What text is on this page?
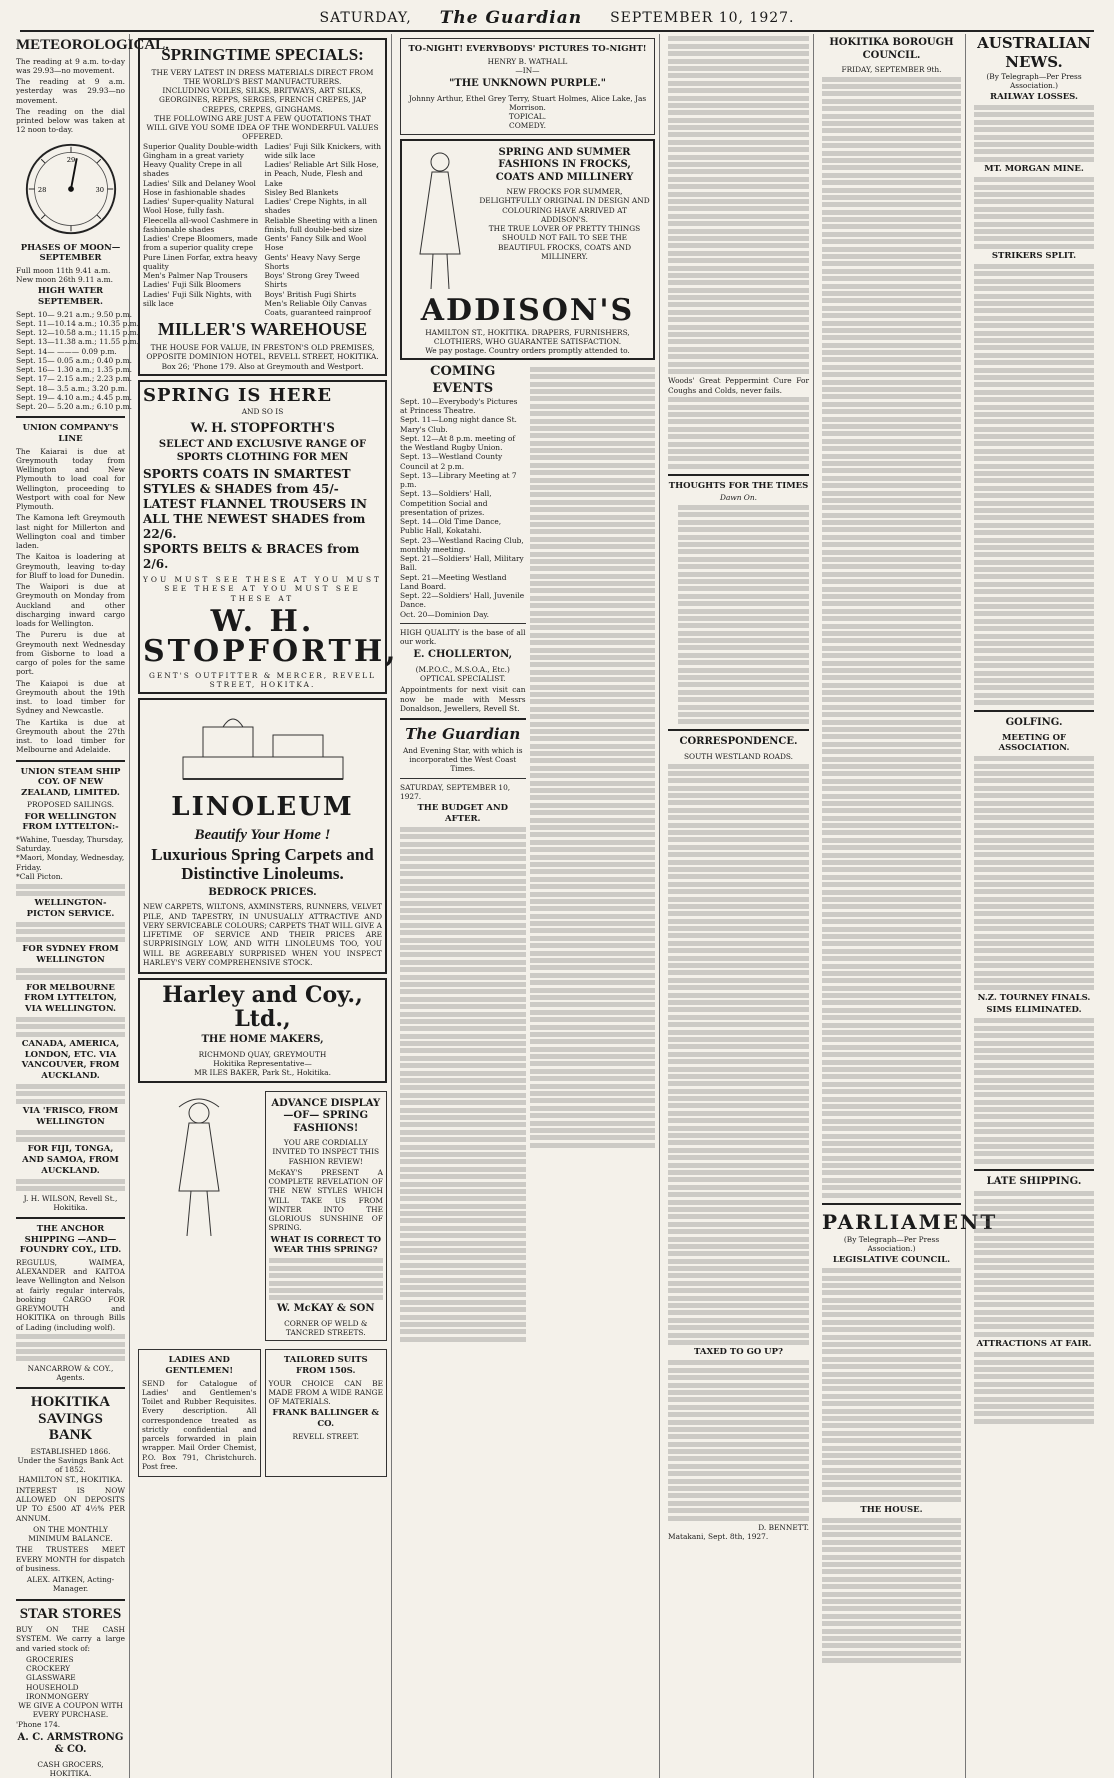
SATURDAY, The Guardian SEPTEMBER 10, 1927.
METEOROLOGICAL.
The reading at 9 a.m. to-day was 29.93—no movement.
The reading at 9 a.m. yesterday was 29.93—no movement.
The reading on the dial printed below was taken at 12 noon to-day.
29
30
28
PHASES OF MOON—SEPTEMBER
Full moon 11th 9.41 a.m.
New moon 26th 9.11 a.m.
HIGH WATER SEPTEMBER.
Sept. 10— 9.21 a.m.; 9.50 p.m.
Sept. 11—10.14 a.m.; 10.35 p.m.
Sept. 12—10.58 a.m.; 11.15 p.m.
Sept. 13—11.38 a.m.; 11.55 p.m.
Sept. 14— ——— 0.09 p.m.
Sept. 15— 0.05 a.m.; 0.40 p.m.
Sept. 16— 1.30 a.m.; 1.35 p.m.
Sept. 17— 2.15 a.m.; 2.23 p.m.
Sept. 18— 3.5 a.m.; 3.20 p.m.
Sept. 19— 4.10 a.m.; 4.45 p.m.
Sept. 20— 5.20 a.m.; 6.10 p.m.
UNION COMPANY'S LINE
The Kaiarai is due at Greymouth today from Wellington and New Plymouth to load coal for Wellington, proceeding to Westport with coal for New Plymouth.
The Kamona left Greymouth last night for Millerton and Wellington coal and timber laden.
The Kaitoa is loadering at Greymouth, leaving to-day for Bluff to load for Dunedin.
The Waipori is due at Greymouth on Monday from Auckland and other discharging inward cargo loads for Wellington.
The Pureru is due at Greymouth next Wednesday from Gisborne to load a cargo of poles for the same port.
The Kaiapoi is due at Greymouth about the 19th inst. to load timber for Sydney and Newcastle.
The Kartika is due at Greymouth about the 27th inst. to load timber for Melbourne and Adelaide.
UNION STEAM SHIP COY. OF NEW ZEALAND, LIMITED.
PROPOSED SAILINGS.
FOR WELLINGTON FROM LYTTELTON:-
*Wahine, Tuesday, Thursday, Saturday.
*Maori, Monday, Wednesday, Friday.
*Call Picton.
WELLINGTON-PICTON SERVICE.
FOR SYDNEY FROM WELLINGTON
FOR MELBOURNE FROM LYTTELTON, VIA WELLINGTON.
CANADA, AMERICA, LONDON, ETC. VIA VANCOUVER, FROM AUCKLAND.
VIA 'FRISCO, FROM WELLINGTON
FOR FIJI, TONGA, AND SAMOA, FROM AUCKLAND.
J. H. WILSON, Revell St., Hokitika.
THE ANCHOR SHIPPING —AND— FOUNDRY COY., LTD.
REGULUS, WAIMEA, ALEXANDER and KAITOA leave Wellington and Nelson at fairly regular intervals, booking CARGO FOR GREYMOUTH and HOKITIKA on through Bills of Lading (including wolf).
NANCARROW & COY., Agents.
HOKITIKA SAVINGS BANK
ESTABLISHED 1866.
Under the Savings Bank Act of 1852.
HAMILTON ST., HOKITIKA.
INTEREST IS NOW ALLOWED ON DEPOSITS UP TO £500 AT 4½% PER ANNUM.
ON THE MONTHLY MINIMUM BALANCE.
THE TRUSTEES MEET EVERY MONTH for dispatch of business.
ALEX. AITKEN, Acting-Manager.
STAR STORES
BUY ON THE CASH SYSTEM. We carry a large and varied stock of:
GROCERIES
CROCKERY
GLASSWARE
HOUSEHOLD IRONMONGERY
WE GIVE A COUPON WITH EVERY PURCHASE.
'Phone 174.
A. C. ARMSTRONG & CO.
CASH GROCERS, HOKITIKA.
SPRINGTIME SPECIALS:
THE VERY LATEST IN DRESS MATERIALS DIRECT FROM THE WORLD'S BEST MANUFACTURERS.
INCLUDING VOILES, SILKS, BRITWAYS, ART SILKS, GEORGINES, REPPS, SERGES, FRENCH CREPES, JAP CREPES, CREPES, GINGHAMS.
THE FOLLOWING ARE JUST A FEW QUOTATIONS THAT WILL GIVE YOU SOME IDEA OF THE WONDERFUL VALUES OFFERED.
Superior Quality Double-width Gingham in a great variety
Heavy Quality Crepe in all shades
Ladies' Silk and Delaney Wool Hose in fashionable shades
Ladies' Super-quality Natural Wool Hose, fully fash.
Fleecella all-wool Cashmere in fashionable shades
Ladies' Crepe Bloomers, made from a superior quality crepe
Pure Linen Forfar, extra heavy quality
Men's Palmer Nap Trousers
Ladies' Fuji Silk Bloomers
Ladies' Fuji Silk Nights, with silk lace
Ladies' Fuji Silk Knickers, with wide silk lace
Ladies' Reliable Art Silk Hose, in Peach, Nude, Flesh and Lake
Sisley Bed Blankets
Ladies' Crepe Nights, in all shades
Reliable Sheeting with a linen finish, full double-bed size
Gents' Fancy Silk and Wool Hose
Gents' Heavy Navy Serge Shorts
Boys' Strong Grey Tweed Shirts
Boys' British Fugi Shirts
Men's Reliable Oily Canvas Coats, guaranteed rainproof
MILLER'S WAREHOUSE
THE HOUSE FOR VALUE, IN FRESTON'S OLD PREMISES, OPPOSITE DOMINION HOTEL, REVELL STREET, HOKITIKA.
Box 26; 'Phone 179. Also at Greymouth and Westport.
SPRING IS HERE
AND SO IS
W. H. STOPFORTH'S
SELECT AND EXCLUSIVE RANGE OF SPORTS CLOTHING FOR MEN
SPORTS COATS IN SMARTEST STYLES & SHADES from 45/-
LATEST FLANNEL TROUSERS IN ALL THE NEWEST SHADES from 22/6.
SPORTS BELTS & BRACES from 2/6.
YOU MUST SEE THESE AT YOU MUST SEE THESE AT YOU MUST SEE THESE AT
W. H. STOPFORTH,
GENT'S OUTFITTER & MERCER, REVELL STREET, HOKITKA.
LINOLEUM
Beautify Your Home !
Luxurious Spring Carpets and Distinctive Linoleums.
BEDROCK PRICES.
NEW CARPETS, WILTONS, AXMINSTERS, RUNNERS, VELVET PILE, AND TAPESTRY, IN UNUSUALLY ATTRACTIVE AND VERY SERVICEABLE COLOURS; CARPETS THAT WILL GIVE A LIFETIME OF SERVICE AND THEIR PRICES ARE SURPRISINGLY LOW, AND WITH LINOLEUMS TOO, YOU WILL BE AGREEABLY SURPRISED WHEN YOU INSPECT HARLEY'S VERY COMPREHENSIVE STOCK.
Harley and Coy., Ltd.,
THE HOME MAKERS,
RICHMOND QUAY, GREYMOUTH
Hokitika Representative—
MR ILES BAKER, Park St., Hokitika.
ADVANCE DISPLAY —OF— SPRING FASHIONS!
YOU ARE CORDIALLY INVITED TO INSPECT THIS FASHION REVIEW!
McKAY'S PRESENT A COMPLETE REVELATION OF THE NEW STYLES WHICH WILL TAKE US FROM WINTER INTO THE GLORIOUS SUNSHINE OF SPRING.
WHAT IS CORRECT TO WEAR THIS SPRING?
W. McKAY & SON
CORNER OF WELD & TANCRED STREETS.
LADIES AND GENTLEMEN!
SEND for Catalogue of Ladies' and Gentlemen's Toilet and Rubber Requisites. Every description. All correspondence treated as strictly confidential and parcels forwarded in plain wrapper. Mail Order Chemist, P.O. Box 791, Christchurch. Post free.
TAILORED SUITS FROM 150S.
YOUR CHOICE CAN BE MADE FROM A WIDE RANGE OF MATERIALS.
FRANK BALLINGER & CO.
REVELL STREET.
TO-NIGHT! EVERYBODYS' PICTURES TO-NIGHT!
HENRY B. WATHALL
—IN—
"THE UNKNOWN PURPLE."
Johnny Arthur, Ethel Grey Terry, Stuart Holmes, Alice Lake, Jas Morrison.
TOPICAL.
COMEDY.
SPRING AND SUMMER FASHIONS IN FROCKS, COATS AND MILLINERY
NEW FROCKS FOR SUMMER, DELIGHTFULLY ORIGINAL IN DESIGN AND COLOURING HAVE ARRIVED AT ADDISON'S.
THE TRUE LOVER OF PRETTY THINGS SHOULD NOT FAIL TO SEE THE BEAUTIFUL FROCKS, COATS AND MILLINERY.
ADDISON'S
HAMILTON ST., HOKITIKA. DRAPERS, FURNISHERS, CLOTHIERS, WHO GUARANTEE SATISFACTION.
We pay postage. Country orders promptly attended to.
COMING EVENTS
Sept. 10—Everybody's Pictures at Princess Theatre.
Sept. 11—Long night dance St. Mary's Club.
Sept. 12—At 8 p.m. meeting of the Westland Rugby Union.
Sept. 13—Westland County Council at 2 p.m.
Sept. 13—Library Meeting at 7 p.m.
Sept. 13—Soldiers' Hall, Competition Social and presentation of prizes.
Sept. 14—Old Time Dance, Public Hall, Kokatahi.
Sept. 23—Westland Racing Club, monthly meeting.
Sept. 21—Soldiers' Hall, Military Ball.
Sept. 21—Meeting Westland Land Board.
Sept. 22—Soldiers' Hall, Juvenile Dance.
Oct. 20—Dominion Day.
HIGH QUALITY is the base of all our work.
E. CHOLLERTON,
(M.P.O.C., M.S.O.A., Etc.) OPTICAL SPECIALIST.
Appointments for next visit can now be made with Messrs Donaldson, Jewellers, Revell St.
The Guardian
And Evening Star, with which is incorporated the West Coast Times.
SATURDAY, SEPTEMBER 10, 1927.
THE BUDGET AND AFTER.
Woods' Great Peppermint Cure For Coughs and Colds, never fails.
THOUGHTS FOR THE TIMES
Dawn On.
CORRESPONDENCE.
SOUTH WESTLAND ROADS.
TAXED TO GO UP?
D. BENNETT.
Matakani, Sept. 8th, 1927.
HOKITIKA BOROUGH COUNCIL.
FRIDAY, SEPTEMBER 9th.
PARLIAMENT
(By Telegraph—Per Press Association.)
LEGISLATIVE COUNCIL.
THE HOUSE.
AUSTRALIAN NEWS.
(By Telegraph—Per Press Association.)
RAILWAY LOSSES.
MT. MORGAN MINE.
STRIKERS SPLIT.
GOLFING.
MEETING OF ASSOCIATION.
N.Z. TOURNEY FINALS.
SIMS ELIMINATED.
LATE SHIPPING.
ATTRACTIONS AT FAIR.
